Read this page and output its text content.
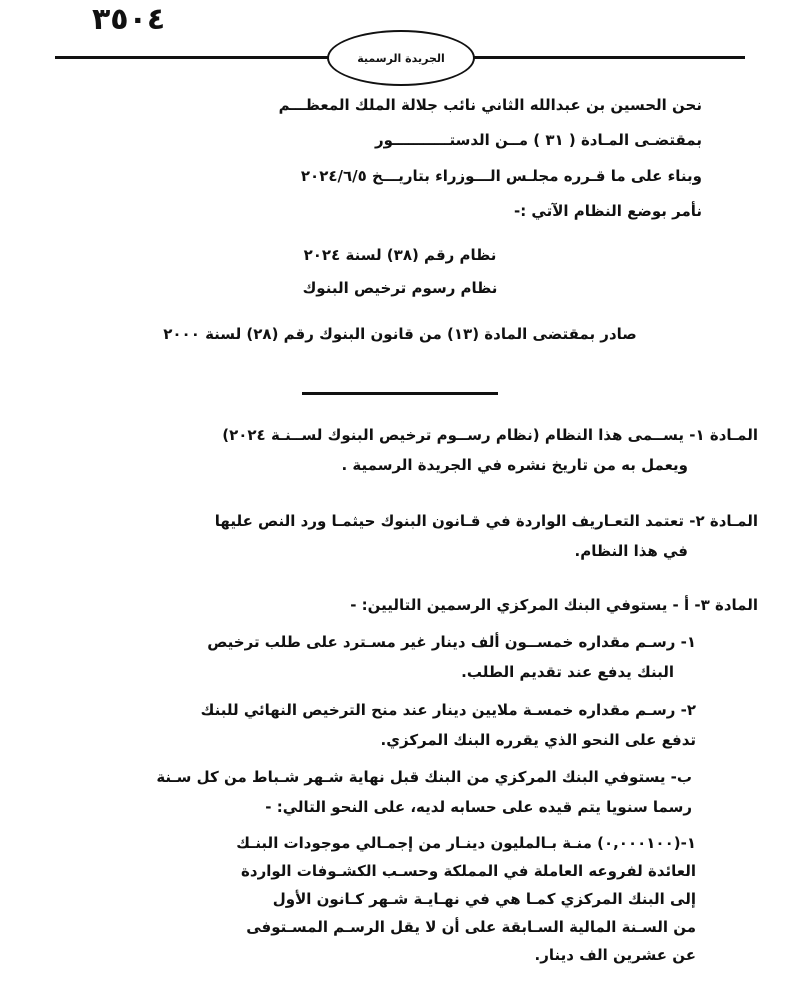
٣٥٠٤
الجريدة الرسمية
نحن الحسين بن عبدالله الثاني نائب جلالة الملك المعظـــم
بمقتضـى المـادة ( ٣١ ) مــن الدستـــــــــــور
وبناء على ما قـرره مجلـس الـــوزراء بتاريـــخ ٢٠٢٤/٦/٥
نأمر بوضع النظام الآتي :-
نظام رقم (٣٨) لسنة ٢٠٢٤
نظام رسوم ترخيص البنوك
صادر بمقتضى المادة (١٣) من قانون البنوك رقم (٢٨) لسنة ٢٠٠٠

المـادة ١- يســمى هذا النظام (نظام رســوم ترخيص البنوك لســنـة ٢٠٢٤)

ويعمل به من تاريخ نشره في الجريدة الرسمية .

المـادة ٢- تعتمد التعـاريف الواردة في قـانون البنوك حيثمـا ورد النص عليها

في هذا النظام.

المادة ٣- أ - يستوفي البنك المركزي الرسمين التاليين: -

١- رسـم مقداره خمســون ألف دينار غير مسـترد على طلب ترخيص

البنك يدفع عند تقديم الطلب.

٢- رسـم مقداره خمسـة ملايين دينار عند منح الترخيص النهائي للبنك

تدفع على النحو الذي يقرره البنك المركزي.

ب- يستوفي البنك المركزي من البنك قبل نهاية شـهر شـباط من كل سـنة

رسما سنويا يتم قيده على حسابه لديه، على النحو التالي: -

١-(٠,٠٠٠١٠٠) منـة بـالمليون دينـار من إجمـالي موجودات البنـك

العائدة لفروعه العاملة في المملكة وحسـب الكشـوفات الواردة

إلى البنك المركزي كمـا هي في نهـايـة شـهر كـانون الأول

من السـنة المالية السـابقة على أن لا يقل الرسـم المسـتوفى

عن عشرين الف دينار.
